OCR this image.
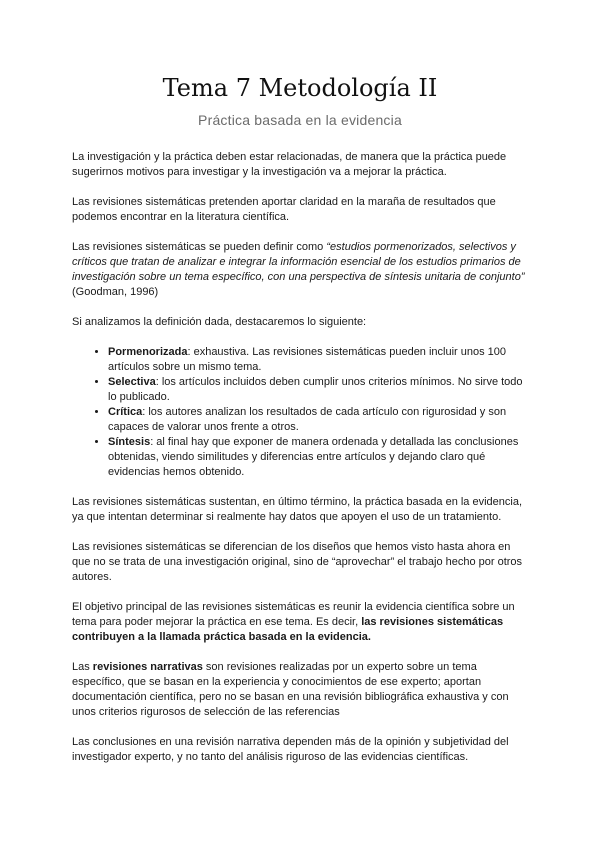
Tema 7 Metodología II
Práctica basada en la evidencia

La investigación y la práctica deben estar relacionadas, de manera que la práctica puede sugerirnos motivos para investigar y la investigación va a mejorar la práctica.

Las revisiones sistemáticas pretenden aportar claridad en la maraña de resultados que podemos encontrar en la literatura científica.

Las revisiones sistemáticas se pueden definir como “estudios pormenorizados, selectivos y críticos que tratan de analizar e integrar la información esencial de los estudios primarios de investigación sobre un tema específico, con una perspectiva de síntesis unitaria de conjunto” (Goodman, 1996)

Si analizamos la definición dada, destacaremos lo siguiente:

• Pormenorizada: exhaustiva. Las revisiones sistemáticas pueden incluir unos 100 artículos sobre un mismo tema.
• Selectiva: los artículos incluidos deben cumplir unos criterios mínimos. No sirve todo lo publicado.
• Crítica: los autores analizan los resultados de cada artículo con rigurosidad y son capaces de valorar unos frente a otros.
• Síntesis: al final hay que exponer de manera ordenada y detallada las conclusiones obtenidas, viendo similitudes y diferencias entre artículos y dejando claro qué evidencias hemos obtenido.

Las revisiones sistemáticas sustentan, en último término, la práctica basada en la evidencia, ya que intentan determinar si realmente hay datos que apoyen el uso de un tratamiento.

Las revisiones sistemáticas se diferencian de los diseños que hemos visto hasta ahora en que no se trata de una investigación original, sino de “aprovechar” el trabajo hecho por otros autores.

El objetivo principal de las revisiones sistemáticas es reunir la evidencia científica sobre un tema para poder mejorar la práctica en ese tema. Es decir, las revisiones sistemáticas contribuyen a la llamada práctica basada en la evidencia.

Las revisiones narrativas son revisiones realizadas por un experto sobre un tema específico, que se basan en la experiencia y conocimientos de ese experto; aportan documentación científica, pero no se basan en una revisión bibliográfica exhaustiva y con unos criterios rigurosos de selección de las referencias

Las conclusiones en una revisión narrativa dependen más de la opinión y subjetividad del investigador experto, y no tanto del análisis riguroso de las evidencias científicas.
